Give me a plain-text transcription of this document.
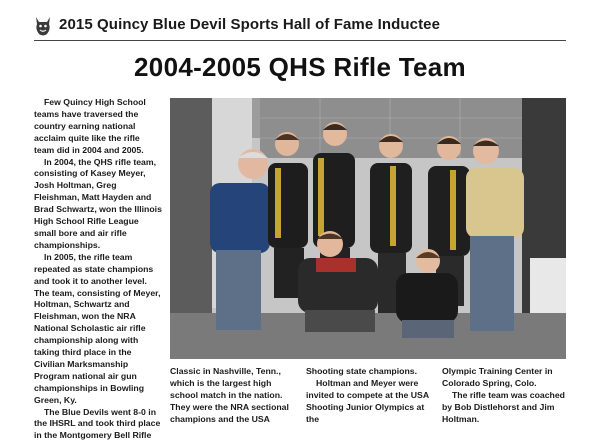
2015 Quincy Blue Devil Sports Hall of Fame Inductee
2004-2005 QHS Rifle Team

Few Quincy High School teams have traversed the country earning national acclaim quite like the rifle team did in 2004 and 2005.

In 2004, the QHS rifle team, consisting of Kasey Meyer, Josh Holtman, Greg Fleishman, Matt Hayden and Brad Schwartz, won the Illinois High School Rifle League small bore and air rifle championships.

In 2005, the rifle team repeated as state champions and took it to another level. The team, consisting of Meyer, Holtman, Schwartz and Fleishman, won the NRA National Scholastic air rifle championship along with taking third place in the Civilian Marksmanship Program national air gun championships in Bowling Green, Ky.

The Blue Devils went 8-0 in the IHSRL and took third place in the Montgomery Bell Rifle

Classic in Nashville, Tenn., which is the largest high school match in the nation. They were the NRA sectional champions and the USA

Shooting state champions.

Holtman and Meyer were invited to compete at the USA Shooting Junior Olympics at the

Olympic Training Center in Colorado Spring, Colo.

The rifle team was coached by Bob Distlehorst and Jim Holtman.
